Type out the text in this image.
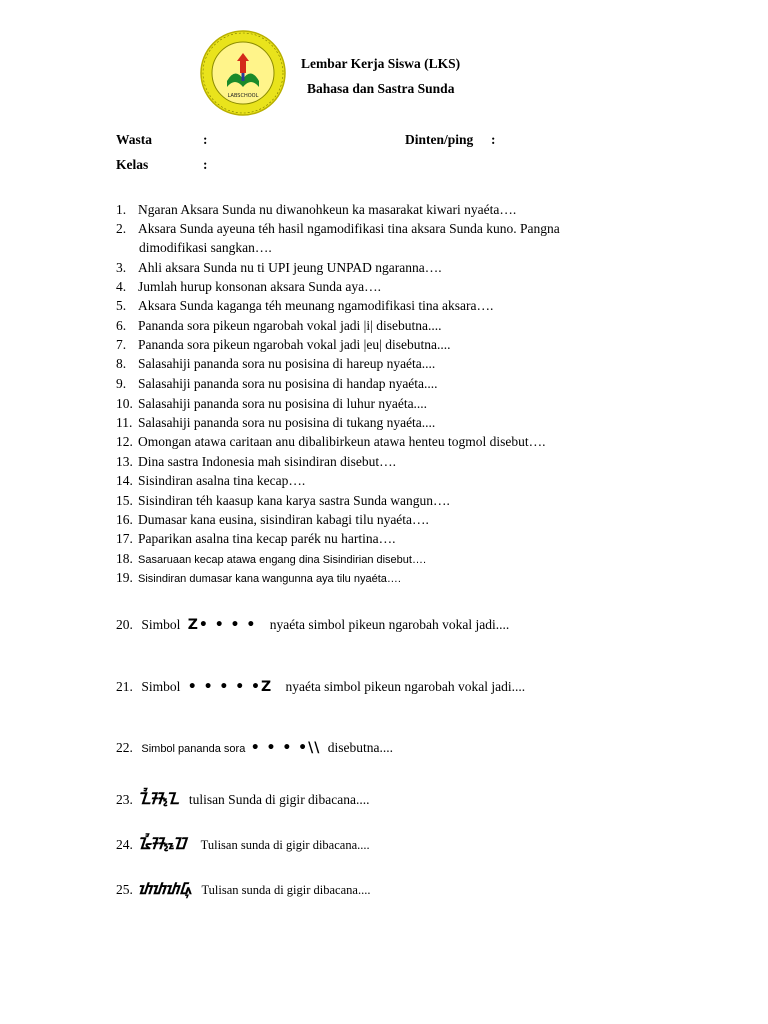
LABSCHOOL
Lembar Kerja Siswa (LKS)
Bahasa dan Sastra Sunda
Wasta	:	Dinten/ping :
Kelas	:
1. Ngaran Aksara Sunda nu diwanohkeun ka masarakat kiwari nyaéta….
2. Aksara Sunda ayeuna téh hasil ngamodifikasi tina aksara Sunda kuno. Pangna
dimodifikasi sangkan….
3. Ahli aksara Sunda nu ti UPI jeung UNPAD ngaranna….
4. Jumlah hurup konsonan aksara Sunda aya….
5. Aksara Sunda kaganga téh meunang ngamodifikasi tina aksara….
6. Pananda sora pikeun ngarobah vokal jadi |i| disebutna....
7. Pananda sora pikeun ngarobah vokal jadi |eu| disebutna....
8. Salasahiji pananda sora nu posisina di hareup nyaéta....
9. Salasahiji pananda sora nu posisina di handap nyaéta....
10. Salasahiji pananda sora nu posisina di luhur nyaéta....
11. Salasahiji pananda sora nu posisina di tukang nyaéta....
12. Omongan atawa caritaan anu dibalibirkeun atawa henteu togmol disebut….
13. Dina sastra Indonesia mah sisindiran disebut….
14. Sisindiran asalna tina kecap….
15. Sisindiran téh kaasup kana karya sastra Sunda wangun….
16. Dumasar kana eusina, sisindiran kabagi tilu nyaéta….
17. Paparikan asalna tina kecap parék nu hartina….
18. Sasaruaan kecap atawa engang dina Sisindirian disebut….
19. Sisindiran dumasar kana wangunna aya tilu nyaéta….
20. Simbol Z• • • • nyaéta simbol pikeun ngarobah vokal jadi....
21. Simbol • • • • •Z nyaéta simbol pikeun ngarobah vokal jadi....
22. Simbol pananda sora • • • •\\ disebutna....
23. ᮔᮤᮞ᮪ᮔ tulisan Sunda di gigir dibacana....
24. ᮅᮤᮞ᮪ᮕᮦ Tulisan sunda di gigir dibacana....
25. ᮒᮒᮒᮓᮥ Tulisan sunda di gigir dibacana....
